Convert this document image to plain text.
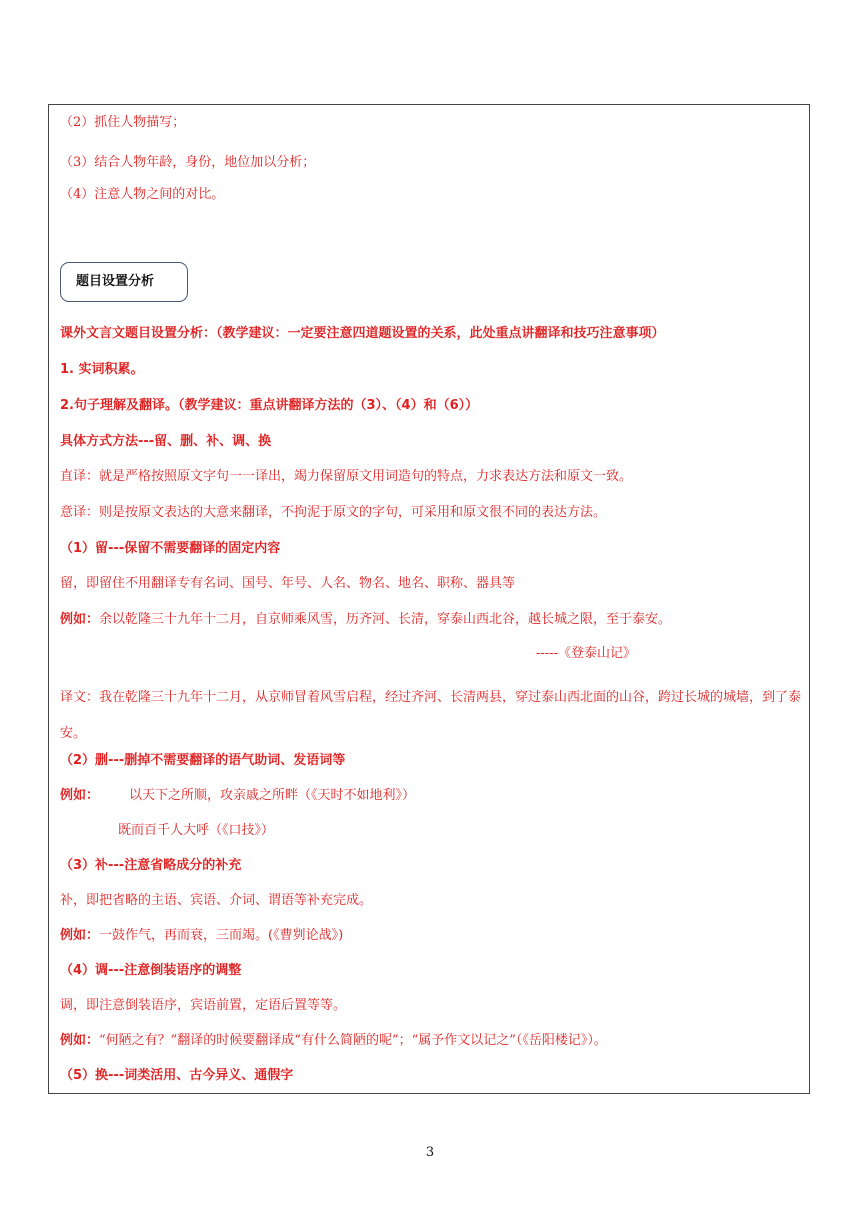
（2）抓住人物描写；
（3）结合人物年龄，身份，地位加以分析；
（4）注意人物之间的对比。
题目设置分析
课外文言文题目设置分析：（教学建议：一定要注意四道题设置的关系，此处重点讲翻译和技巧注意事项）
1. 实词积累。
2.句子理解及翻译。（教学建议：重点讲翻译方法的（3）、（4）和（6））
具体方式方法---留、删、补、调、换
直译：就是严格按照原文字句一一译出，竭力保留原文用词造句的特点，力求表达方法和原文一致。
意译：则是按原文表达的大意来翻译，不拘泥于原文的字句，可采用和原文很不同的表达方法。
（1）留---保留不需要翻译的固定内容
留，即留住不用翻译专有名词、国号、年号、人名、物名、地名、职称、器具等
例如：余以乾隆三十九年十二月，自京师乘风雪，历齐河、长清，穿泰山西北谷，越长城之限，至于泰安。
-----《登泰山记》
译文：我在乾隆三十九年十二月，从京师冒着风雪启程，经过齐河、长清两县，穿过泰山西北面的山谷，跨过长城的城墙，到了泰安。
（2）删---删掉不需要翻译的语气助词、发语词等
例如： 以天下之所顺，攻亲戚之所畔（《天时不如地利》）
既而百千人大呼（《口技》）
（3）补---注意省略成分的补充
补，即把省略的主语、宾语、介词、谓语等补充完成。
例如：一鼓作气，再而衰，三而竭。(《曹刿论战》)
（4）调---注意倒装语序的调整
调，即注意倒装语序，宾语前置，定语后置等等。
例如：“何陋之有？”翻译的时候要翻译成“有什么简陋的呢”；“属予作文以记之”（《岳阳楼记》）。
（5）换---词类活用、古今异义、通假字
3
